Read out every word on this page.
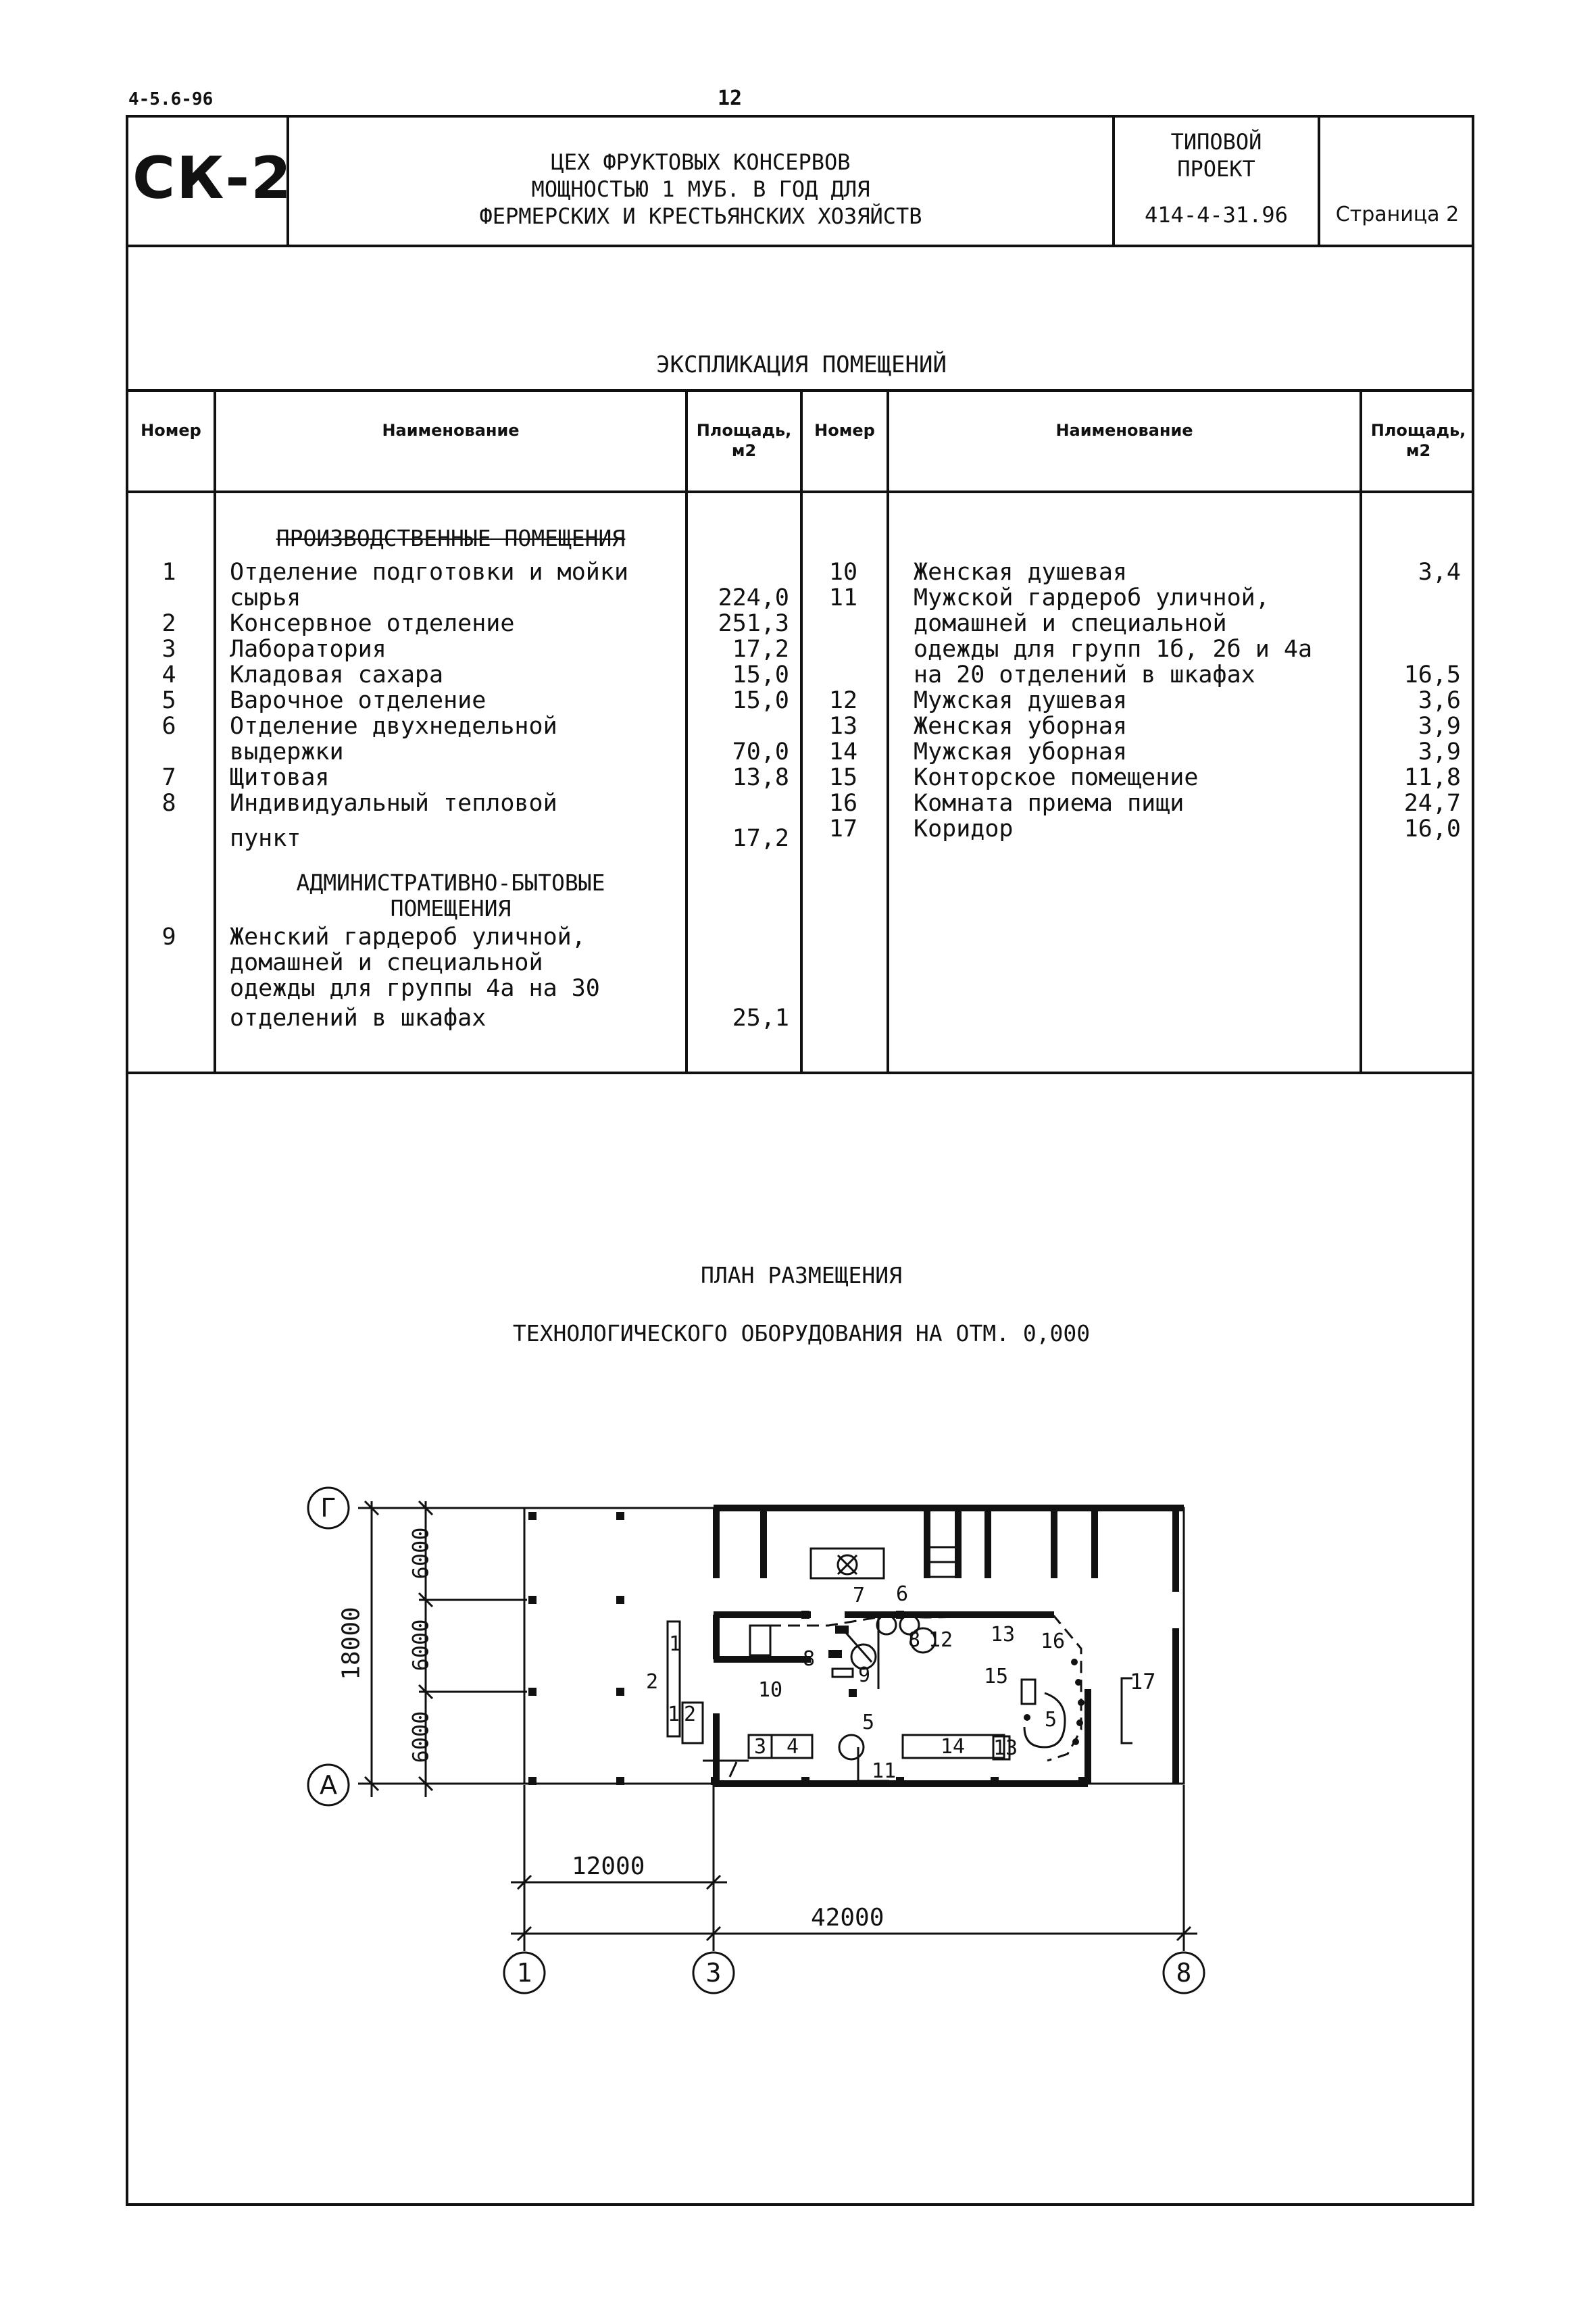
4-5.6-96	12
СК-2	ЦЕХ ФРУКТОВЫХ КОНСЕРВОВ
МОЩНОСТЬЮ 1 МУБ. В ГОД ДЛЯ
ФЕРМЕРСКИХ И КРЕСТЬЯНСКИХ ХОЗЯЙСТВ
ТИПОВОЙ
ПРОЕКТ
414-4-31.96	Страница 2
ЭКСПЛИКАЦИЯ ПОМЕЩЕНИЙ
Номер	Наименование	Площадь,
м2
Номер	Наименование	Площадь,
м2
ПРОИЗВОДСТВЕННЫЕ ПОМЕЩЕНИЯ
1	Отделение подготовки и мойки
сырья	224,0
2	Консервное отделение	251,3
3	Лаборатория	17,2
4	Кладовая сахара	15,0
5	Варочное отделение	15,0
6	Отделение двухнедельной
выдержки	70,0
7	Щитовая	13,8
8	Индивидуальный тепловой
пункт	17,2
АДМИНИСТРАТИВНО-БЫТОВЫЕ
ПОМЕЩЕНИЯ
9	Женский гардероб уличной,
домашней и специальной
одежды для группы 4а на 30
отделений в шкафах	25,1
10 Женская душевая	3,4
11 Мужской гардероб уличной,
домашней и специальной
одежды для групп 1б, 2б и 4а
на 20 отделений в шкафах	16,5
12 Мужская душевая	3,6
13 Женская уборная	3,9
14 Мужская уборная	3,9
15 Конторское помещение	11,8
16 Комната приема пищи	24,7
17 Коридор	16,0
ПЛАН РАЗМЕЩЕНИЯ
ТЕХНОЛОГИЧЕСКОГО ОБОРУДОВАНИЯ НА ОТМ. 0,000
Г
А
1	3	8
18000
6000
6000
6000
12000
42000
1
2
1 2
3 4
5
6
7
8
8
9
10
11
12 13
13
14
15
16
17
5
